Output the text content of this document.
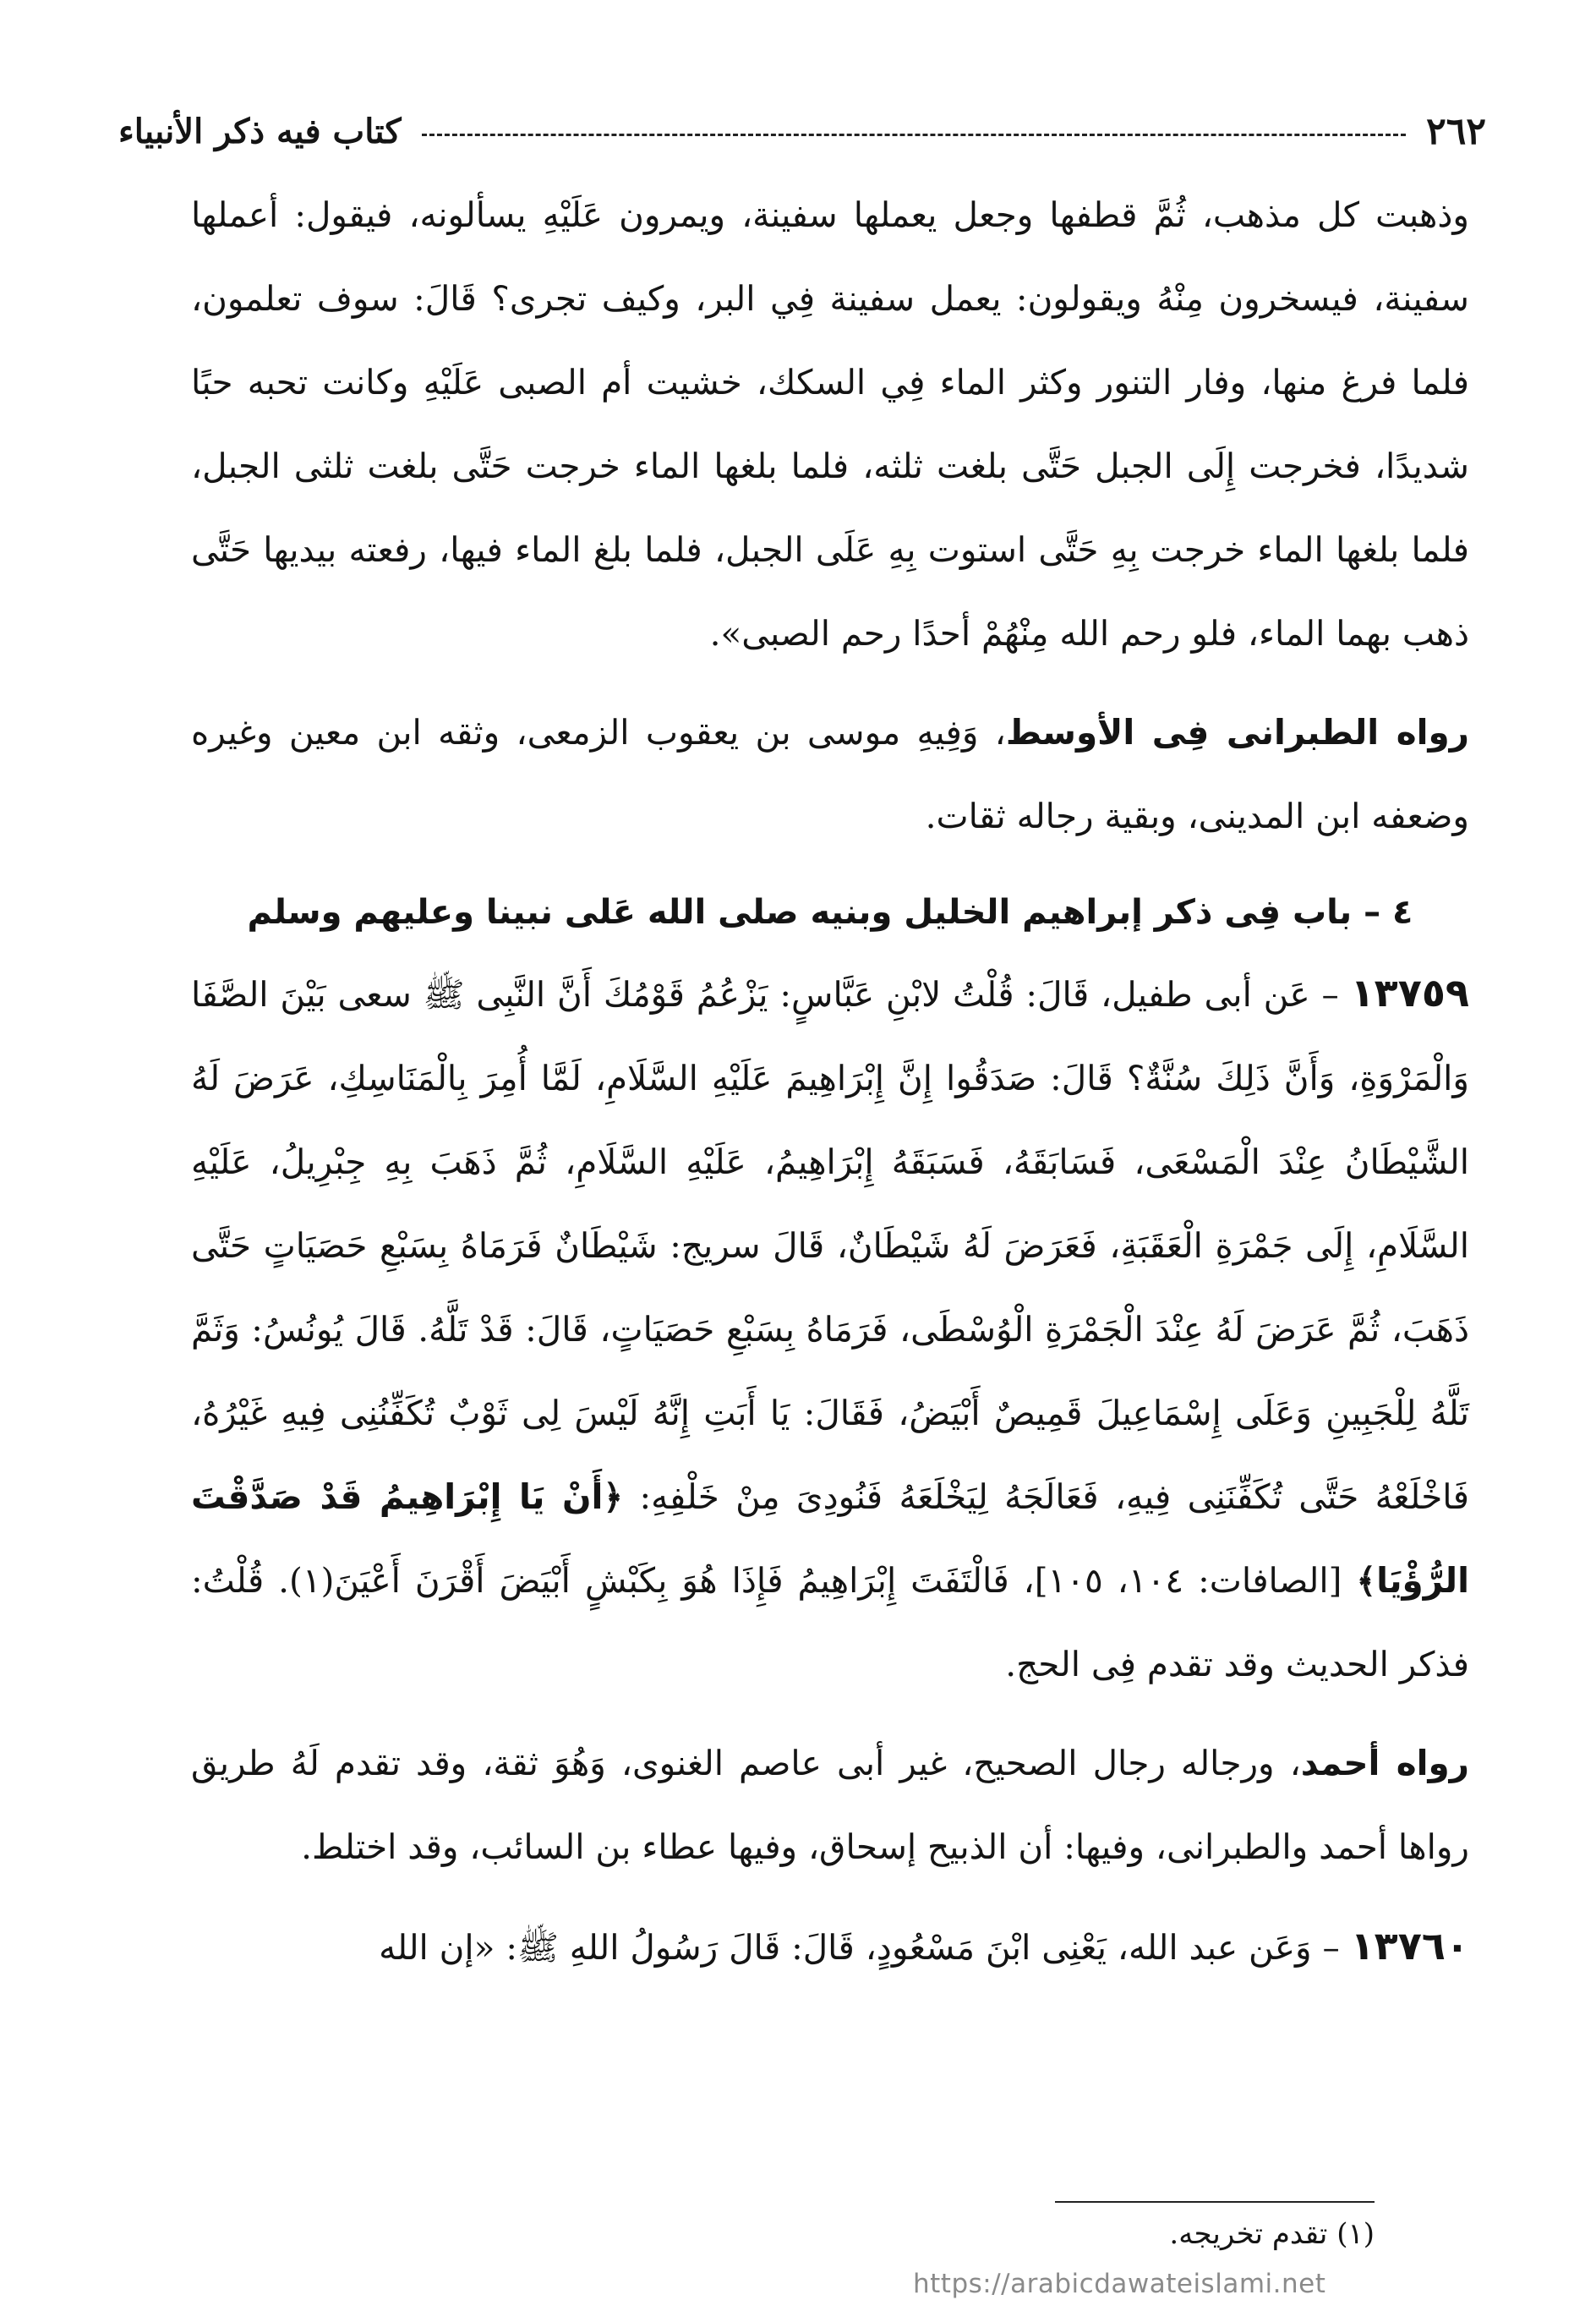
٢٦٢
كتاب فيه ذكر الأنبياء

وذهبت كل مذهب، ثُمَّ قطفها وجعل يعملها سفينة، ويمرون عَلَيْهِ يسألونه، فيقول: أعملها سفينة، فيسخرون مِنْهُ ويقولون: يعمل سفينة فِي البر، وكيف تجرى؟ قَالَ: سوف تعلمون، فلما فرغ منها، وفار التنور وكثر الماء فِي السكك، خشيت أم الصبى عَلَيْهِ وكانت تحبه حبًا شديدًا، فخرجت إِلَى الجبل حَتَّى بلغت ثلثه، فلما بلغها الماء خرجت حَتَّى بلغت ثلثى الجبل، فلما بلغها الماء خرجت بِهِ حَتَّى استوت بِهِ عَلَى الجبل، فلما بلغ الماء فيها، رفعته بيديها حَتَّى ذهب بهما الماء، فلو رحم الله مِنْهُمْ أحدًا رحم الصبى».

رواه الطبرانى فِى الأوسط، وَفِيهِ موسى بن يعقوب الزمعى، وثقه ابن معين وغيره وضعفه ابن المدينى، وبقية رجاله ثقات.

٤ – باب فِى ذكر إبراهيم الخليل وبنيه صلى الله عَلى نبينا وعليهم وسلم

١٣٧٥٩ – عَن أبى طفيل، قَالَ: قُلْتُ لابْنِ عَبَّاسٍ: يَزْعُمُ قَوْمُكَ أَنَّ النَّبِى ﷺ سعى بَيْنَ الصَّفَا وَالْمَرْوَةِ، وَأَنَّ ذَلِكَ سُنَّةٌ؟ قَالَ: صَدَقُوا إِنَّ إِبْرَاهِيمَ عَلَيْهِ السَّلَامِ، لَمَّا أُمِرَ بِالْمَنَاسِكِ، عَرَضَ لَهُ الشَّيْطَانُ عِنْدَ الْمَسْعَى، فَسَابَقَهُ، فَسَبَقَهُ إِبْرَاهِيمُ، عَلَيْهِ السَّلَامِ، ثُمَّ ذَهَبَ بِهِ جِبْرِيلُ، عَلَيْهِ السَّلَامِ، إِلَى جَمْرَةِ الْعَقَبَةِ، فَعَرَضَ لَهُ شَيْطَانٌ، قَالَ سريج: شَيْطَانٌ فَرَمَاهُ بِسَبْعِ حَصَيَاتٍ حَتَّى ذَهَبَ، ثُمَّ عَرَضَ لَهُ عِنْدَ الْجَمْرَةِ الْوُسْطَى، فَرَمَاهُ بِسَبْعِ حَصَيَاتٍ، قَالَ: قَدْ تَلَّهُ. قَالَ يُونُسُ: وَثَمَّ تَلَّهُ لِلْجَبِينِ وَعَلَى إِسْمَاعِيلَ قَمِيصٌ أَبْيَضُ، فَقَالَ: يَا أَبَتِ إِنَّهُ لَيْسَ لِى ثَوْبٌ تُكَفِّنُنِى فِيهِ غَيْرُهُ، فَاخْلَعْهُ حَتَّى تُكَفِّنَنِى فِيهِ، فَعَالَجَهُ لِيَخْلَعَهُ فَنُودِىَ مِنْ خَلْفِهِ: ﴿أَنْ يَا إِبْرَاهِيمُ قَدْ صَدَّقْتَ الرُّؤْيَا﴾ [الصافات: ١٠٤، ١٠٥]، فَالْتَفَتَ إِبْرَاهِيمُ فَإِذَا هُوَ بِكَبْشٍ أَبْيَضَ أَقْرَنَ أَعْيَنَ(١). قُلْتُ: فذكر الحديث وقد تقدم فِى الحج.

رواه أحمد، ورجاله رجال الصحيح، غير أبى عاصم الغنوى، وَهُوَ ثقة، وقد تقدم لَهُ طريق رواها أحمد والطبرانى، وفيها: أن الذبيح إسحاق، وفيها عطاء بن السائب، وقد اختلط.

١٣٧٦٠ – وَعَن عبد الله، يَعْنِى ابْنَ مَسْعُودٍ، قَالَ: قَالَ رَسُولُ اللهِ ﷺ: «إن الله

(١) تقدم تخريجه.
https://arabicdawateislami.net
